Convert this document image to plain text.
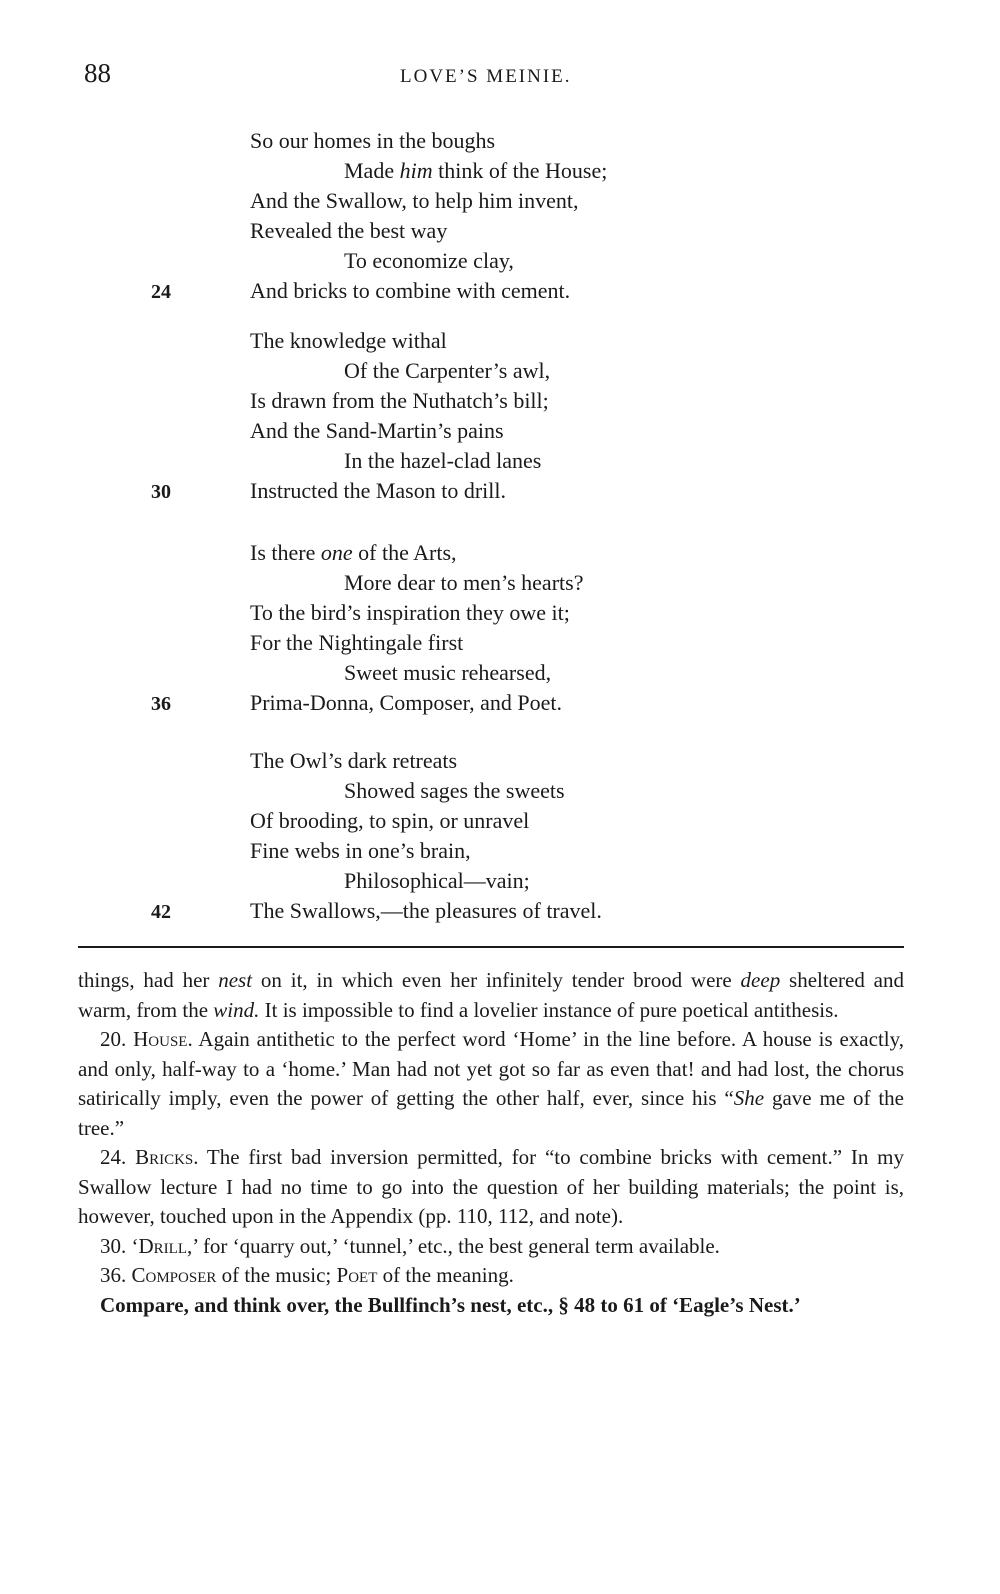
88	LOVE’S MEINIE.
So our homes in the boughs
Made him think of the House;
And the Swallow, to help him invent,
Revealed the best way
To economize clay,
24	And bricks to combine with cement.
The knowledge withal
Of the Carpenter’s awl,
Is drawn from the Nuthatch’s bill;
And the Sand-Martin’s pains
In the hazel-clad lanes
30	Instructed the Mason to drill.
Is there one of the Arts,
More dear to men’s hearts?
To the bird’s inspiration they owe it;
For the Nightingale first
Sweet music rehearsed,
36	Prima-Donna, Composer, and Poet.
The Owl’s dark retreats
Showed sages the sweets
Of brooding, to spin, or unravel
Fine webs in one’s brain,
Philosophical—vain;
42	The Swallows,—the pleasures of travel.

things, had her nest on it, in which even her infinitely tender brood were deep sheltered and warm, from the wind. It is impossible to find a lovelier instance of pure poetical antithesis.

20. House. Again antithetic to the perfect word ‘Home’ in the line before. A house is exactly, and only, half-way to a ‘home.’ Man had not yet got so far as even that! and had lost, the chorus satirically imply, even the power of getting the other half, ever, since his “She gave me of the tree.”

24. Bricks. The first bad inversion permitted, for “to combine bricks with cement.” In my Swallow lecture I had no time to go into the question of her building materials; the point is, however, touched upon in the Appendix (pp. 110, 112, and note).

30. ‘Drill,’ for ‘quarry out,’ ‘tunnel,’ etc., the best general term available.

36. Composer of the music; Poet of the meaning.

Compare, and think over, the Bullfinch’s nest, etc., § 48 to 61 of ‘Eagle’s Nest.’
